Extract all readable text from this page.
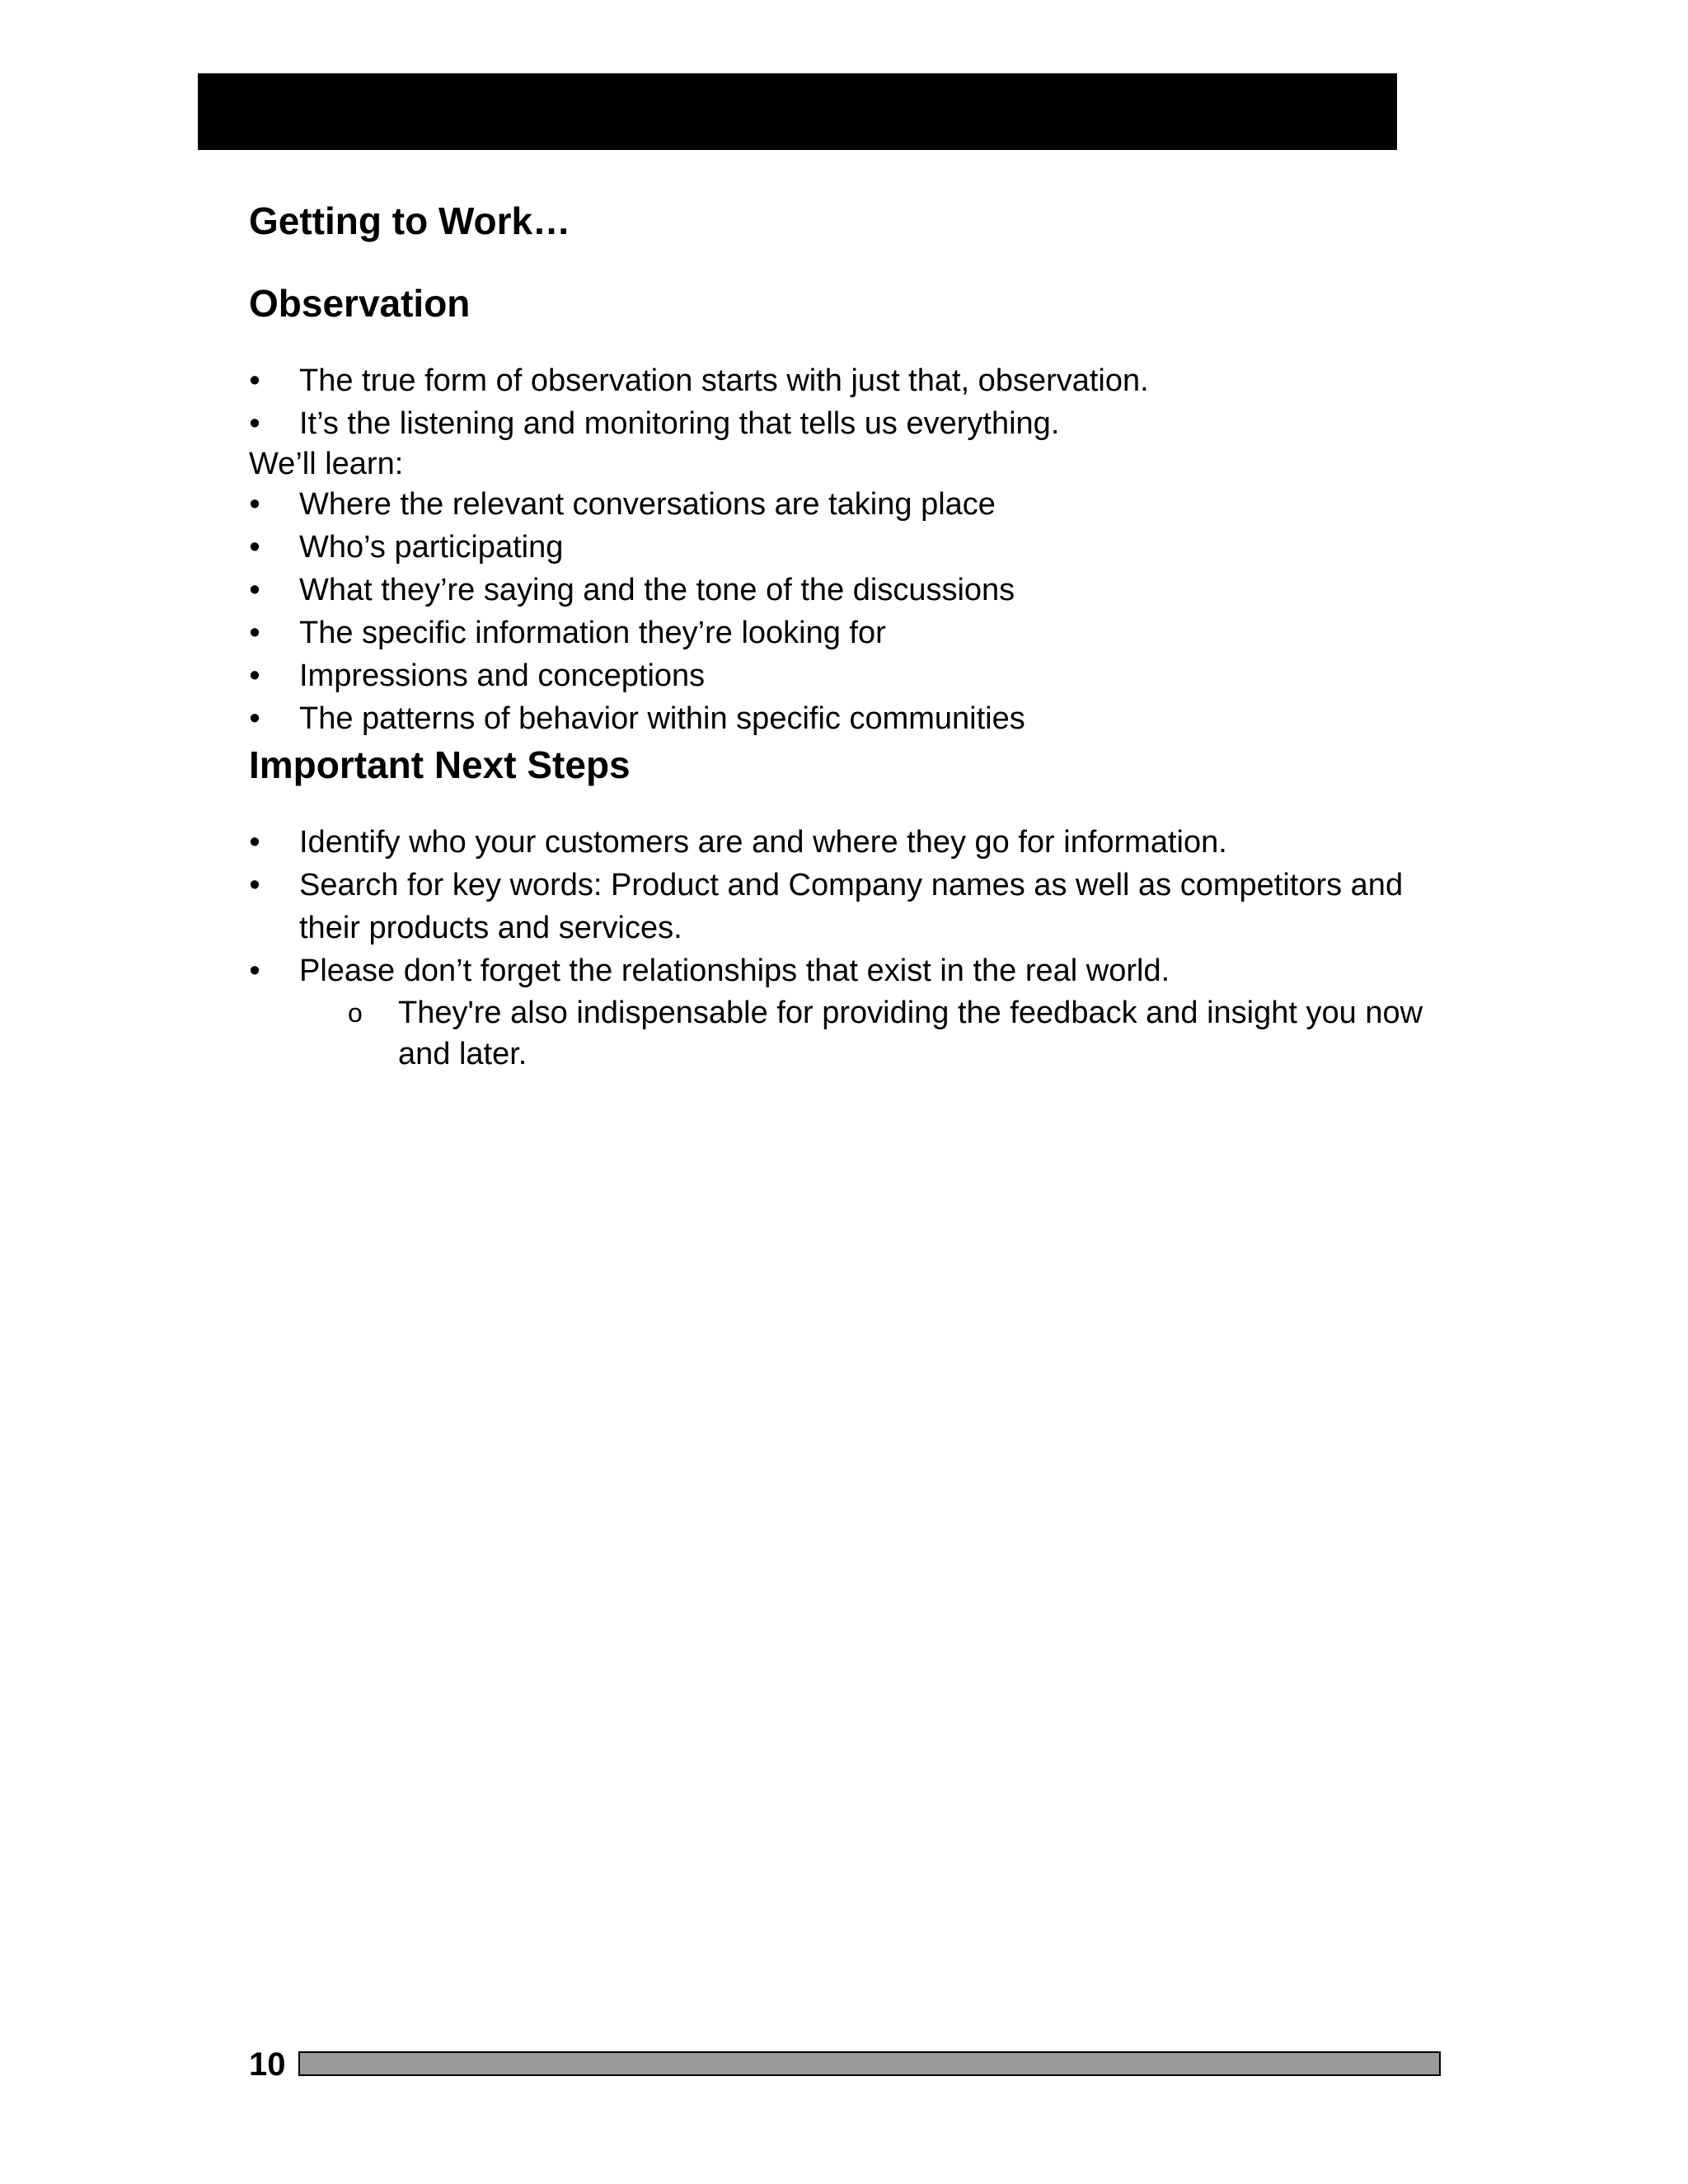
Getting to Work…
Observation
• The true form of observation starts with just that, observation.
• It’s the listening and monitoring that tells us everything.

We’ll learn:

• Where the relevant conversations are taking place
• Who’s participating
• What they’re saying and the tone of the discussions
• The specific information they’re looking for
• Impressions and conceptions
• The patterns of behavior within specific communities
Important Next Steps
• Identify who your customers are and where they go for information.
• Search for key words: Product and Company names as well as competitors and their products and services.
• Please don’t forget the relationships that exist in the real world.
o They're also indispensable for providing the feedback and insight you now and later.
10
